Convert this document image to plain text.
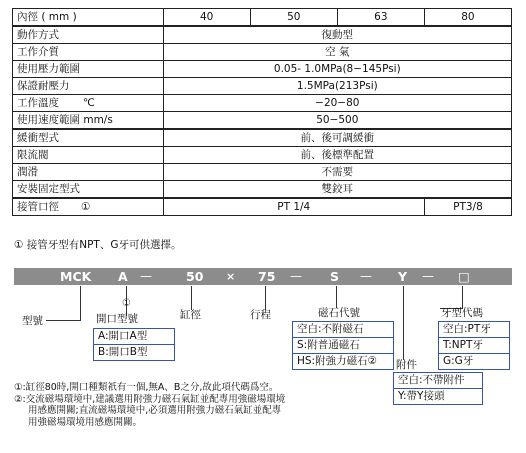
內徑 ( mm )	40	50	63	80
動作方式	復動型			
工作介質	空 氣			
使用壓力範圍	0.05- 1.0MPa(8−145Psi)			
保證耐壓力	1.5MPa(213Psi)			
工作溫度 ℃	−20−80			
使用速度範圍 mm/s	50−500			
緩衝型式	前、後可調緩衝			
限流閥	前、後標準配置			
潤滑	不需要			
安裝固定型式	雙鉸耳			
接管口徑 ①	PT 1/4			PT3/8
① 接管牙型有NPT、G牙可供選擇。
MCK A —	50 × 75 — S — Y — □
型號
①
開口型號
A:開口A型
B:開口B型
缸徑	行程	磁石代號
空白:不附磁石
S:附普通磁石
HS:附強力磁石②	附件
空白:不帶附件
Y:帶Y接頭
牙型代碼
空白:PT牙
T:NPT牙
G:G牙
①:缸徑80時,開口種類祇有一個,無A、B之分,故此項代碼爲空。
②:交流磁場環境中,建議選用附強力磁石氣缸並配專用強磁場環境
用感應開關;直流磁場環境中,必須選用附強力磁石氣缸並配專
用強磁場環境用感應開關。
